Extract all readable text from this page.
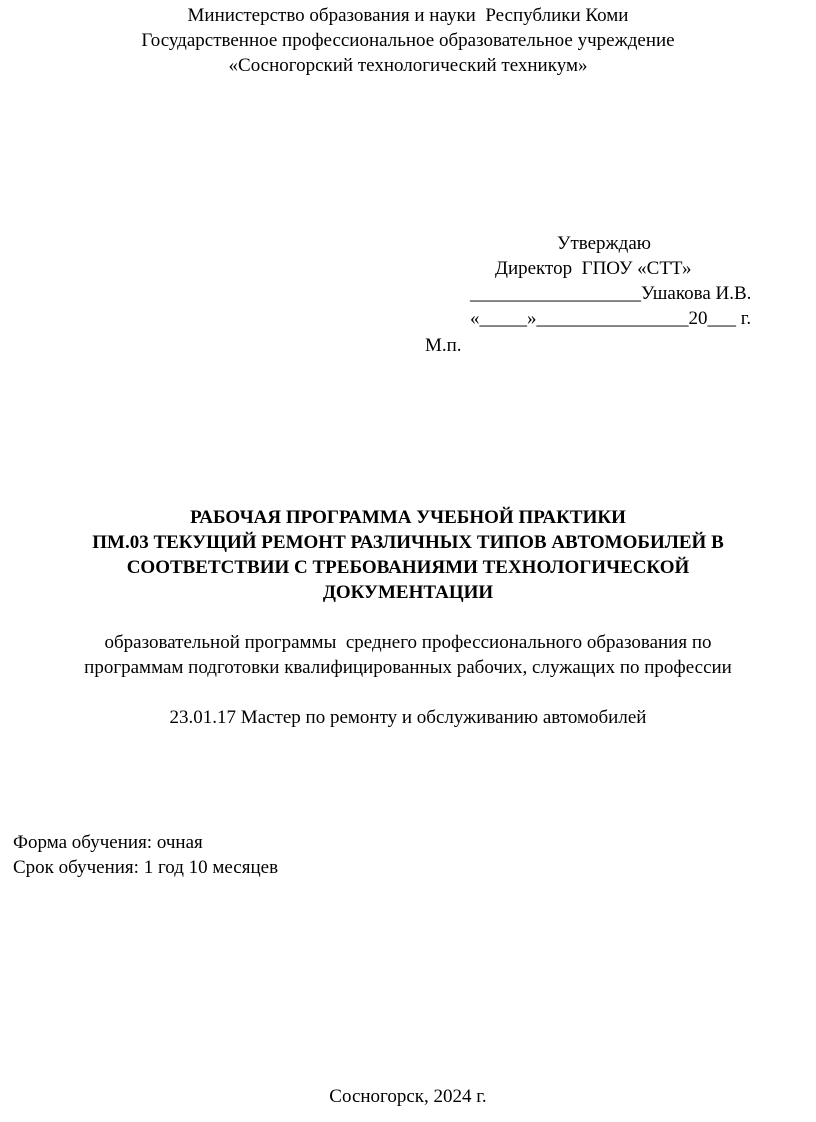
Министерство образования и науки  Республики Коми
Государственное профессиональное образовательное учреждение
«Сосногорский технологический техникум»
Утверждаю
Директор  ГПОУ «СТТ»
__________________Ушакова И.В.
«_____»________________20___ г.
М.п.
РАБОЧАЯ ПРОГРАММА УЧЕБНОЙ ПРАКТИКИ
ПМ.03 ТЕКУЩИЙ РЕМОНТ РАЗЛИЧНЫХ ТИПОВ АВТОМОБИЛЕЙ В
СООТВЕТСТВИИ С ТРЕБОВАНИЯМИ ТЕХНОЛОГИЧЕСКОЙ
ДОКУМЕНТАЦИИ
образовательной программы  среднего профессионального образования по
программам подготовки квалифицированных рабочих, служащих по профессии
23.01.17 Мастер по ремонту и обслуживанию автомобилей
Форма обучения: очная
Срок обучения: 1 год 10 месяцев
Сосногорск, 2024 г.
